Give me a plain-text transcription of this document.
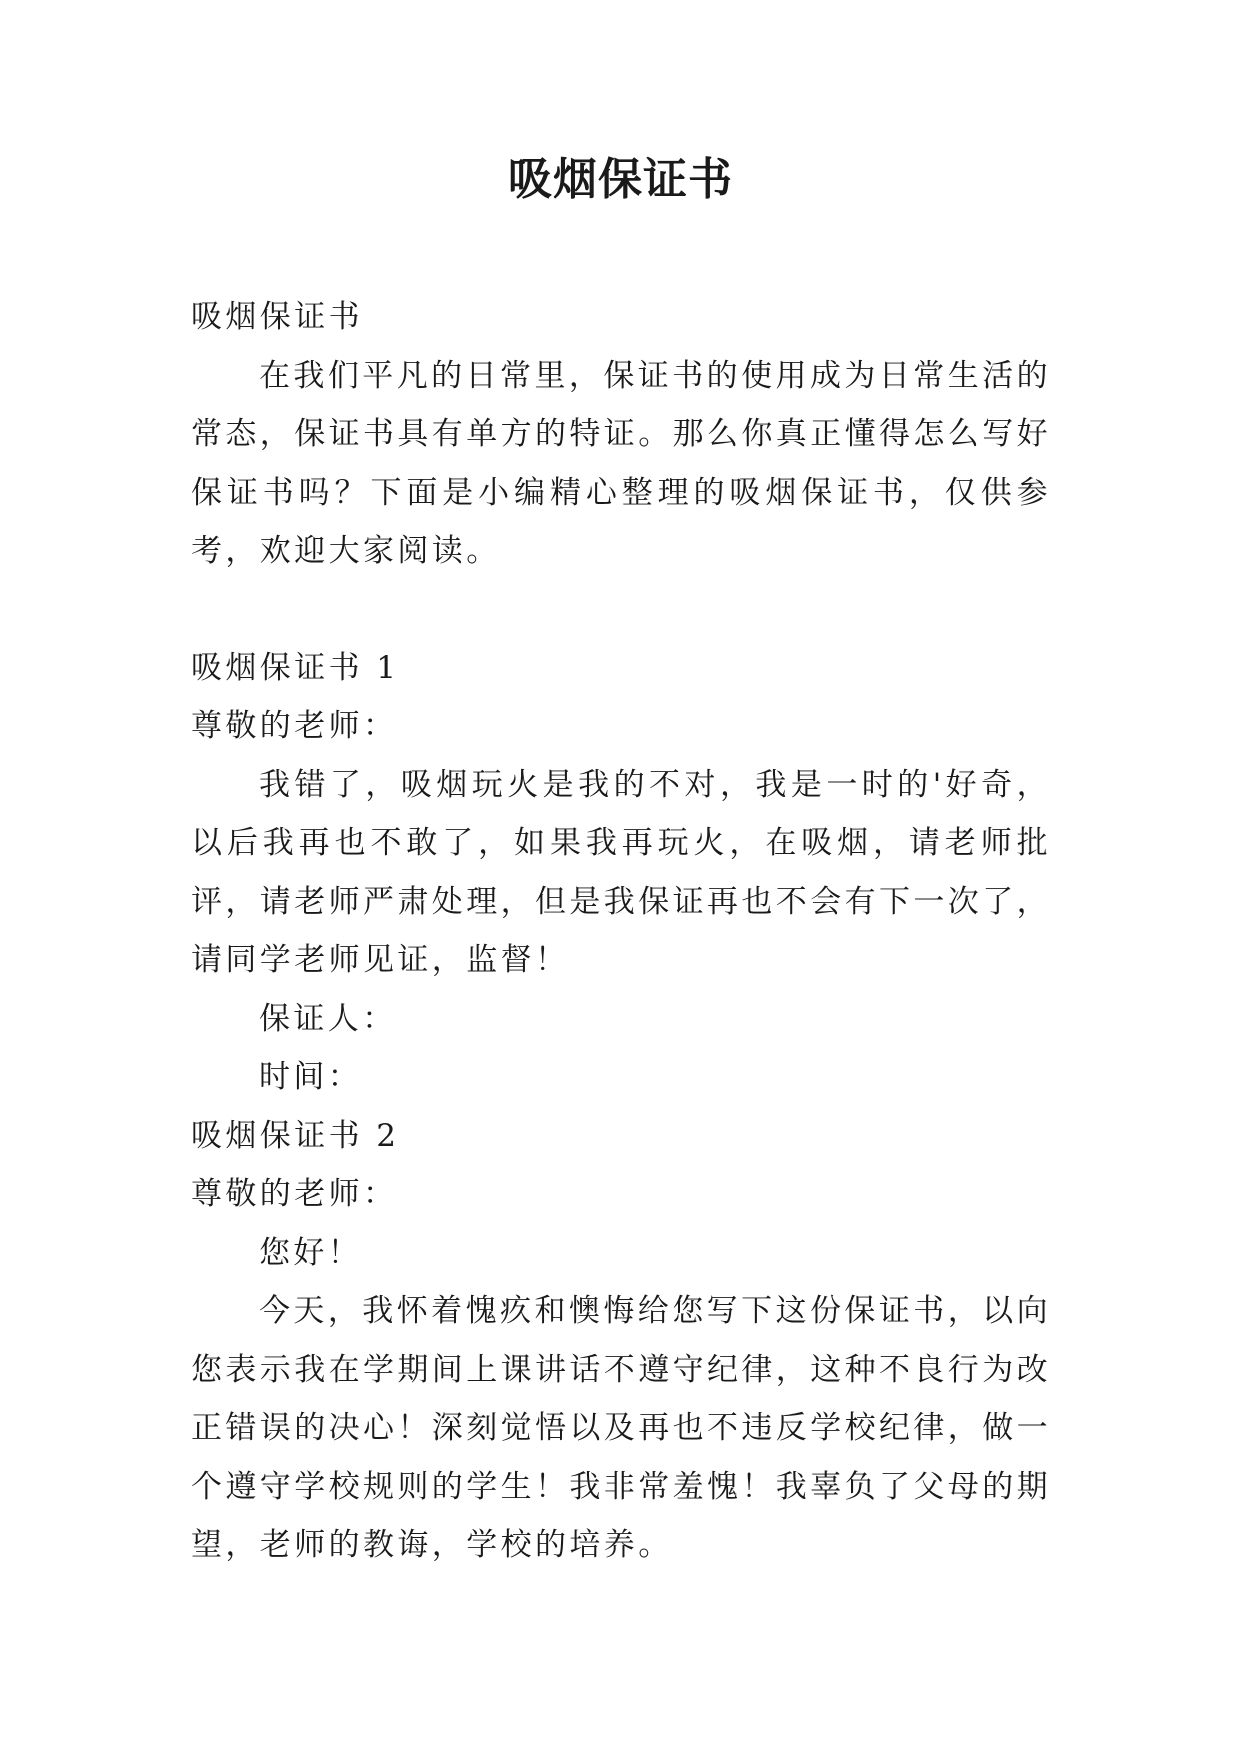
吸烟保证书

吸烟保证书

在我们平凡的日常里，保证书的使用成为日常生活的常态，保证书具有单方的特证。那么你真正懂得怎么写好保证书吗？下面是小编精心整理的吸烟保证书，仅供参考，欢迎大家阅读。

吸烟保证书 1

尊敬的老师：

我错了，吸烟玩火是我的不对，我是一时的'好奇，以后我再也不敢了，如果我再玩火，在吸烟，请老师批评，请老师严肃处理，但是我保证再也不会有下一次了，请同学老师见证，监督！

保证人：

时间：

吸烟保证书 2

尊敬的老师：

您好！

今天，我怀着愧疚和懊悔给您写下这份保证书，以向您表示我在学期间上课讲话不遵守纪律，这种不良行为改正错误的决心！深刻觉悟以及再也不违反学校纪律，做一个遵守学校规则的学生！我非常羞愧！我辜负了父母的期望，老师的教诲，学校的培养。
